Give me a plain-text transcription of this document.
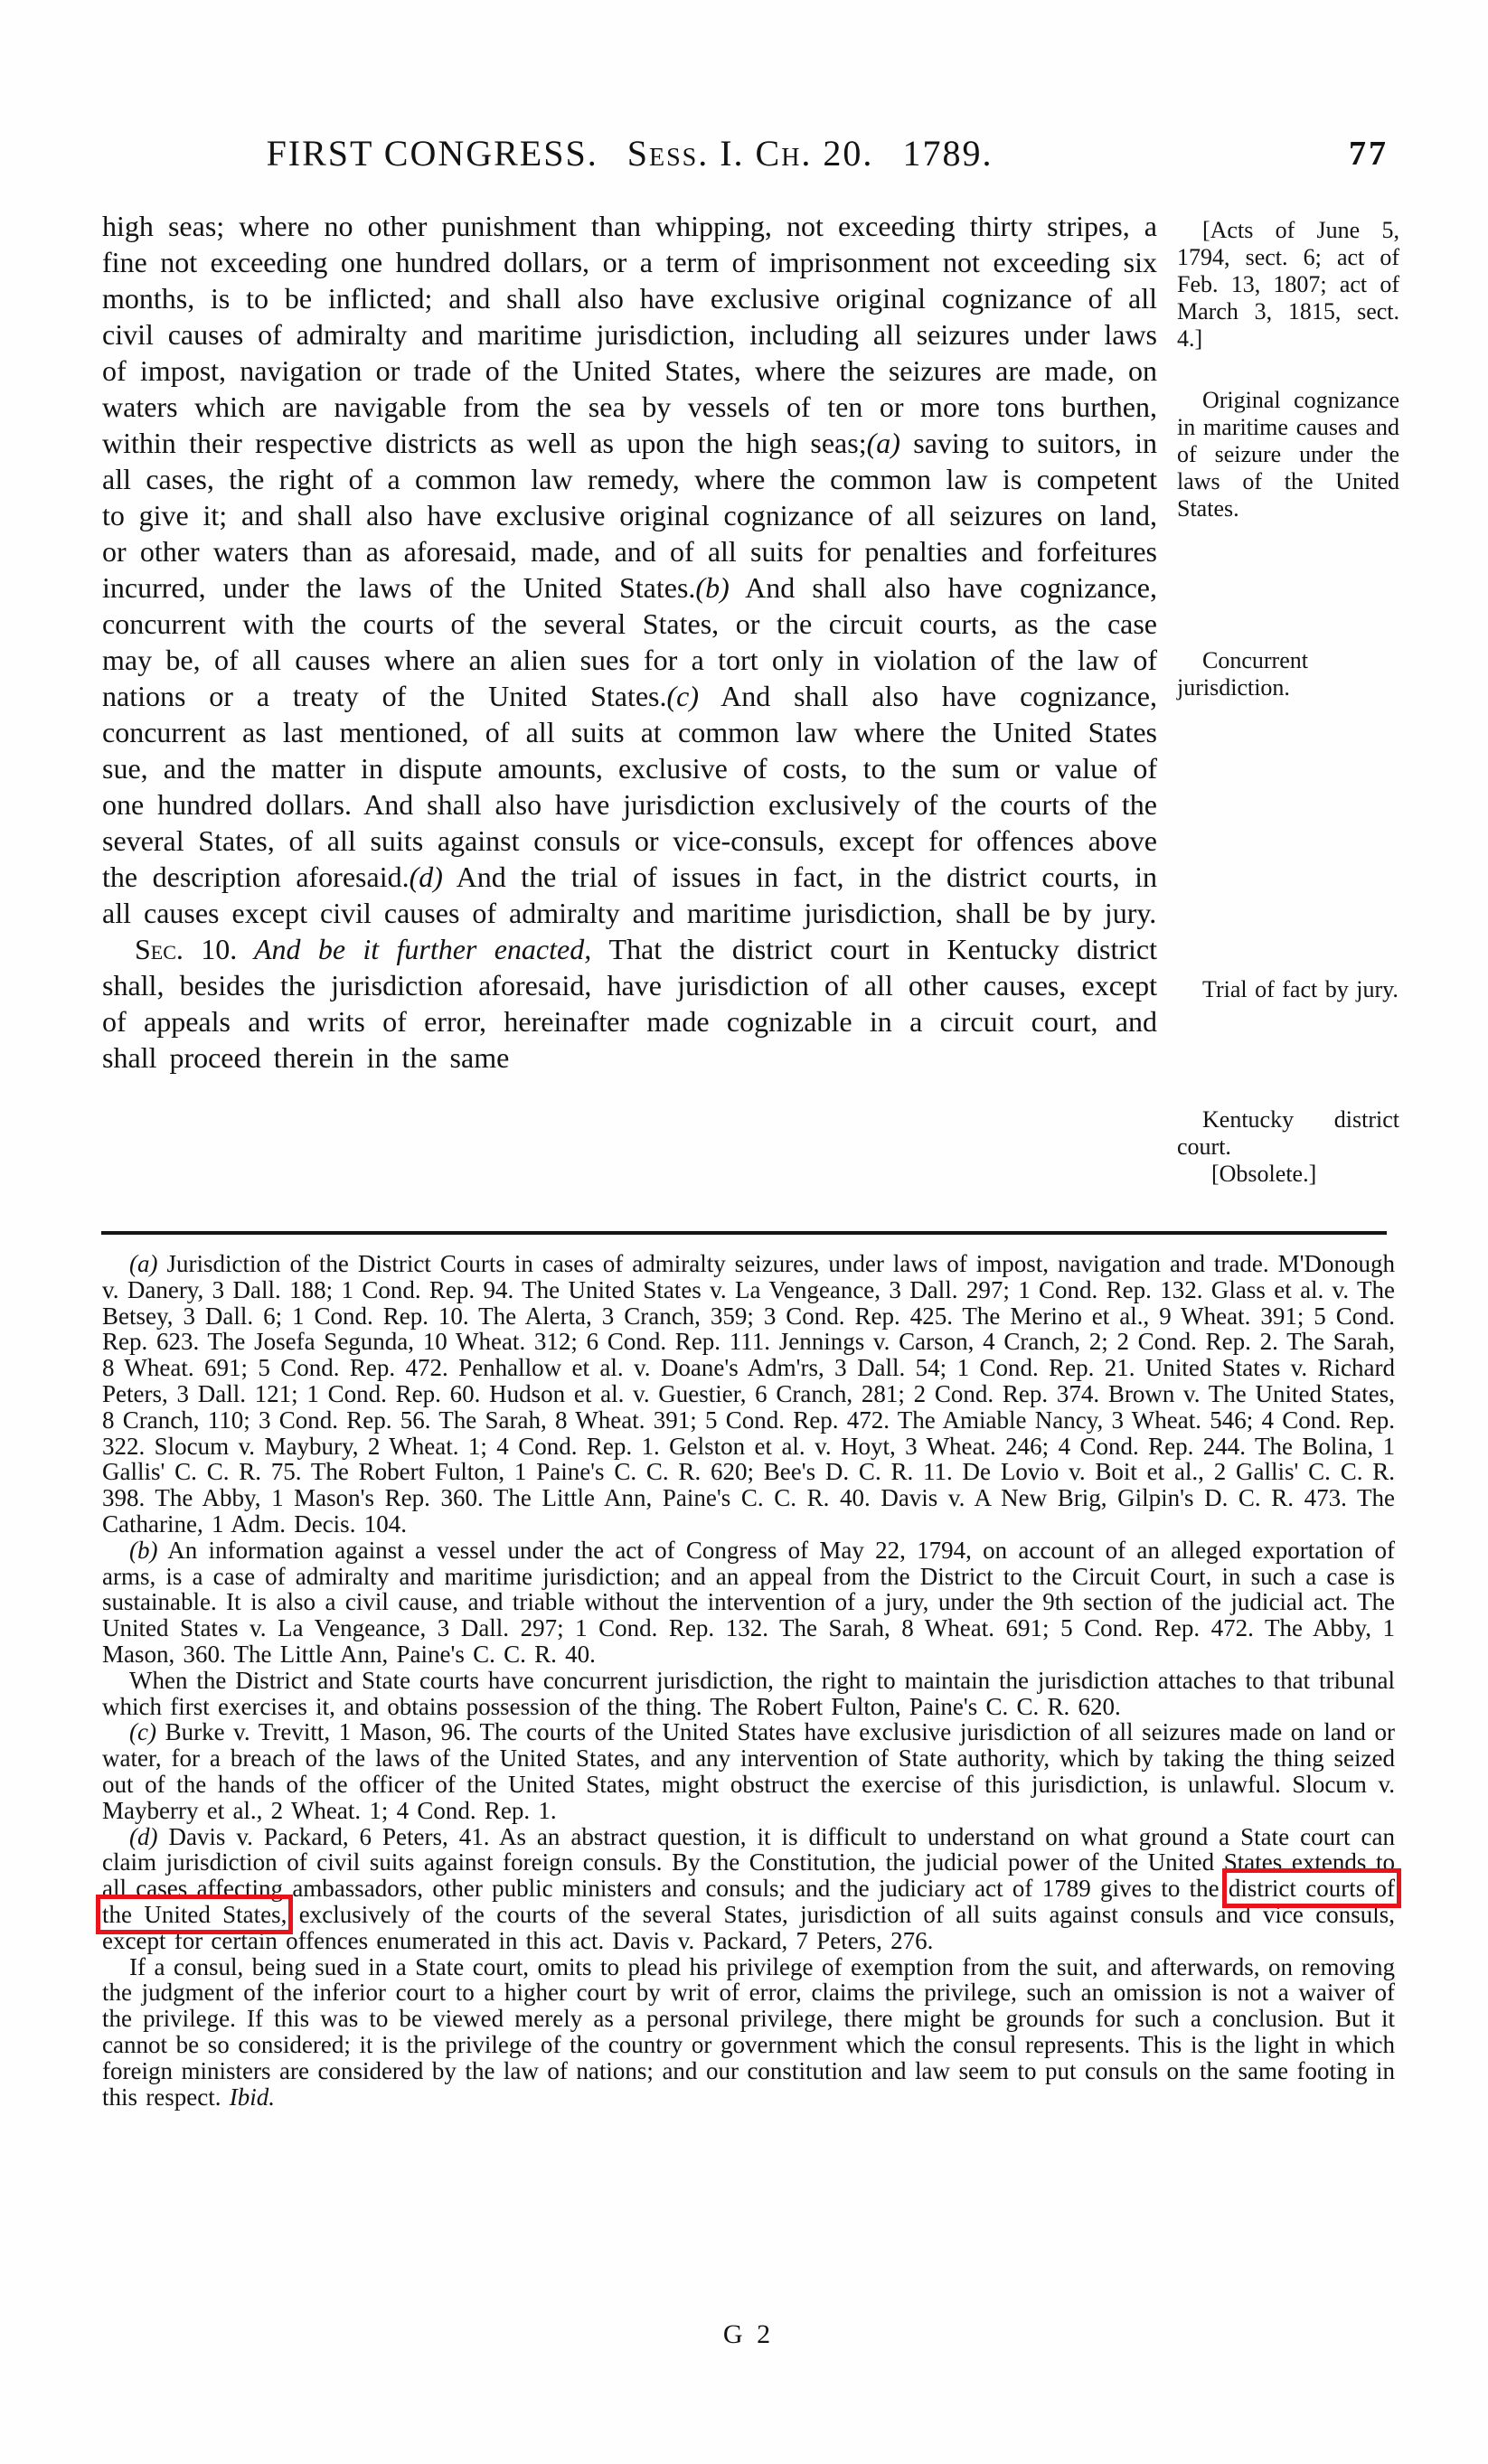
FIRST CONGRESS. Sess. I. Ch. 20. 1789.	77

high seas; where no other punishment than whipping, not exceeding thirty stripes, a fine not exceeding one hundred dollars, or a term of imprisonment not exceeding six months, is to be inflicted; and shall also have exclusive original cognizance of all civil causes of admiralty and maritime jurisdiction, including all seizures under laws of impost, navigation or trade of the United States, where the seizures are made, on waters which are navigable from the sea by vessels of ten or more tons burthen, within their respective districts as well as upon the high seas;(a) saving to suitors, in all cases, the right of a common law remedy, where the common law is competent to give it; and shall also have exclusive original cognizance of all seizures on land, or other waters than as aforesaid, made, and of all suits for penalties and forfeitures incurred, under the laws of the United States.(b) And shall also have cognizance, concurrent with the courts of the several States, or the circuit courts, as the case may be, of all causes where an alien sues for a tort only in violation of the law of nations or a treaty of the United States.(c) And shall also have cognizance, concurrent as last mentioned, of all suits at common law where the United States sue, and the matter in dispute amounts, exclusive of costs, to the sum or value of one hundred dollars. And shall also have jurisdiction exclusively of the courts of the several States, of all suits against consuls or vice-consuls, except for offences above the description aforesaid.(d) And the trial of issues in fact, in the district courts, in all causes except civil causes of admiralty and maritime jurisdiction, shall be by jury.

Sec. 10. And be it further enacted, That the district court in Kentucky district shall, besides the jurisdiction aforesaid, have jurisdiction of all other causes, except of appeals and writs of error, hereinafter made cognizable in a circuit court, and shall proceed therein in the same

[Acts of June 5, 1794, sect. 6; act of Feb. 13, 1807; act of March 3, 1815, sect. 4.]
Original cognizance in maritime causes and of seizure under the laws of the United States.
Concurrent jurisdiction.
Trial of fact by jury.
Kentucky district court.
[Obsolete.]

(a) Jurisdiction of the District Courts in cases of admiralty seizures, under laws of impost, navigation and trade. M'Donough v. Danery, 3 Dall. 188; 1 Cond. Rep. 94. The United States v. La Vengeance, 3 Dall. 297; 1 Cond. Rep. 132. Glass et al. v. The Betsey, 3 Dall. 6; 1 Cond. Rep. 10. The Alerta, 3 Cranch, 359; 3 Cond. Rep. 425. The Merino et al., 9 Wheat. 391; 5 Cond. Rep. 623. The Josefa Segunda, 10 Wheat. 312; 6 Cond. Rep. 111. Jennings v. Carson, 4 Cranch, 2; 2 Cond. Rep. 2. The Sarah, 8 Wheat. 691; 5 Cond. Rep. 472. Penhallow et al. v. Doane's Adm'rs, 3 Dall. 54; 1 Cond. Rep. 21. United States v. Richard Peters, 3 Dall. 121; 1 Cond. Rep. 60. Hudson et al. v. Guestier, 6 Cranch, 281; 2 Cond. Rep. 374. Brown v. The United States, 8 Cranch, 110; 3 Cond. Rep. 56. The Sarah, 8 Wheat. 391; 5 Cond. Rep. 472. The Amiable Nancy, 3 Wheat. 546; 4 Cond. Rep. 322. Slocum v. Maybury, 2 Wheat. 1; 4 Cond. Rep. 1. Gelston et al. v. Hoyt, 3 Wheat. 246; 4 Cond. Rep. 244. The Bolina, 1 Gallis' C. C. R. 75. The Robert Fulton, 1 Paine's C. C. R. 620; Bee's D. C. R. 11. De Lovio v. Boit et al., 2 Gallis' C. C. R. 398. The Abby, 1 Mason's Rep. 360. The Little Ann, Paine's C. C. R. 40. Davis v. A New Brig, Gilpin's D. C. R. 473. The Catharine, 1 Adm. Decis. 104.

(b) An information against a vessel under the act of Congress of May 22, 1794, on account of an alleged exportation of arms, is a case of admiralty and maritime jurisdiction; and an appeal from the District to the Circuit Court, in such a case is sustainable. It is also a civil cause, and triable without the intervention of a jury, under the 9th section of the judicial act. The United States v. La Vengeance, 3 Dall. 297; 1 Cond. Rep. 132. The Sarah, 8 Wheat. 691; 5 Cond. Rep. 472. The Abby, 1 Mason, 360. The Little Ann, Paine's C. C. R. 40.

When the District and State courts have concurrent jurisdiction, the right to maintain the jurisdiction attaches to that tribunal which first exercises it, and obtains possession of the thing. The Robert Fulton, Paine's C. C. R. 620.

(c) Burke v. Trevitt, 1 Mason, 96. The courts of the United States have exclusive jurisdiction of all seizures made on land or water, for a breach of the laws of the United States, and any intervention of State authority, which by taking the thing seized out of the hands of the officer of the United States, might obstruct the exercise of this jurisdiction, is unlawful. Slocum v. Mayberry et al., 2 Wheat. 1; 4 Cond. Rep. 1.

(d) Davis v. Packard, 6 Peters, 41. As an abstract question, it is difficult to understand on what ground a State court can claim jurisdiction of civil suits against foreign consuls. By the Constitution, the judicial power of the United States extends to all cases affecting ambassadors, other public ministers and consuls; and the judiciary act of 1789 gives to the district courts of the United States, exclusively of the courts of the several States, jurisdiction of all suits against consuls and vice consuls, except for certain offences enumerated in this act. Davis v. Packard, 7 Peters, 276.

If a consul, being sued in a State court, omits to plead his privilege of exemption from the suit, and afterwards, on removing the judgment of the inferior court to a higher court by writ of error, claims the privilege, such an omission is not a waiver of the privilege. If this was to be viewed merely as a personal privilege, there might be grounds for such a conclusion. But it cannot be so considered; it is the privilege of the country or government which the consul represents. This is the light in which foreign ministers are considered by the law of nations; and our constitution and law seem to put consuls on the same footing in this respect. Ibid.

G 2
